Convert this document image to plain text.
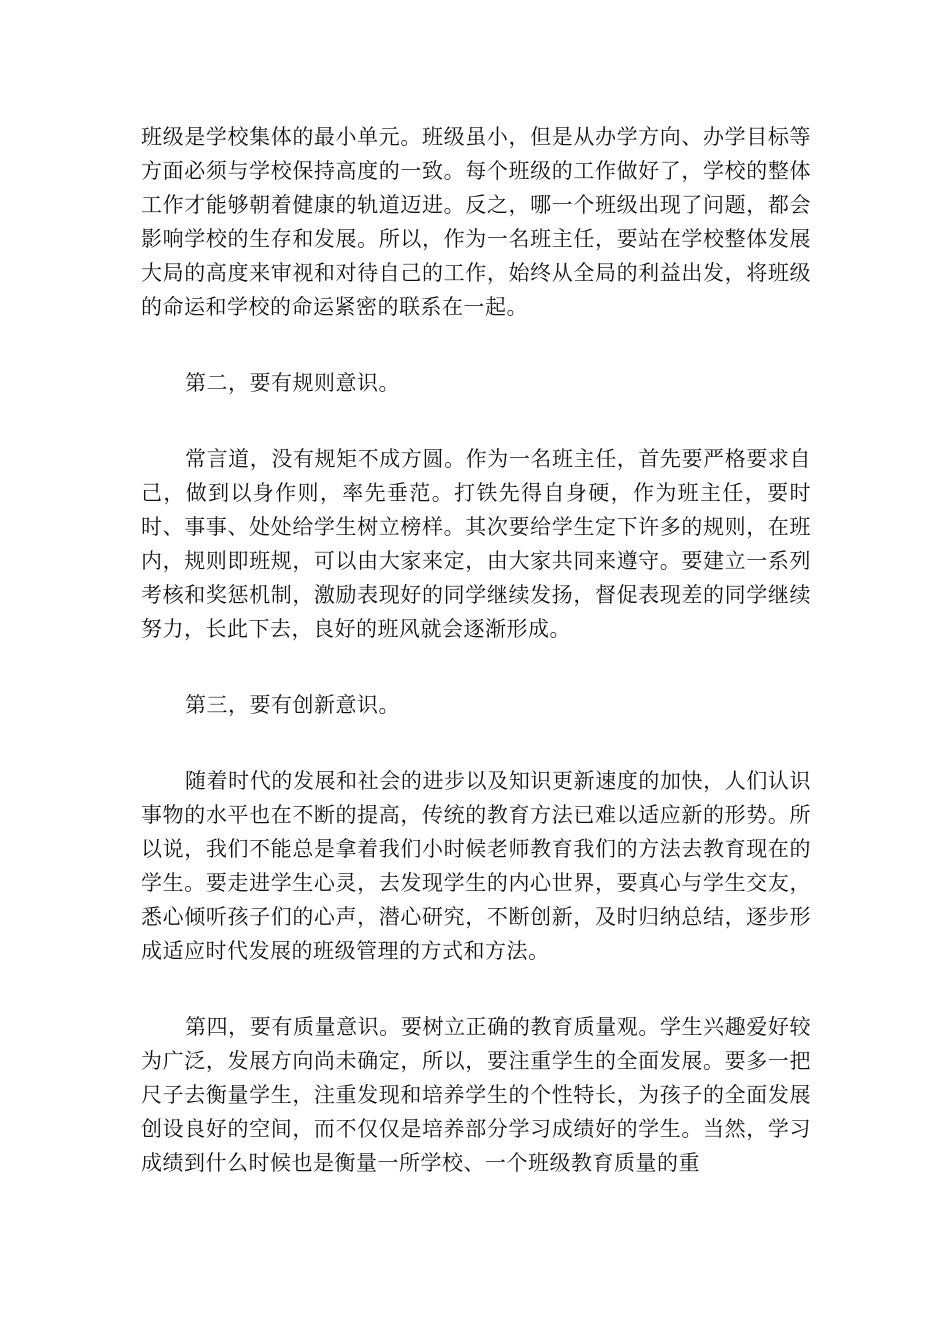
班级是学校集体的最小单元。班级虽小，但是从办学方向、办学目标等方面必须与学校保持高度的一致。每个班级的工作做好了，学校的整体工作才能够朝着健康的轨道迈进。反之，哪一个班级出现了问题，都会影响学校的生存和发展。所以，作为一名班主任，要站在学校整体发展大局的高度来审视和对待自己的工作，始终从全局的利益出发，将班级的命运和学校的命运紧密的联系在一起。

第二，要有规则意识。

常言道，没有规矩不成方圆。作为一名班主任，首先要严格要求自己，做到以身作则，率先垂范。打铁先得自身硬，作为班主任，要时时、事事、处处给学生树立榜样。其次要给学生定下许多的规则，在班内，规则即班规，可以由大家来定，由大家共同来遵守。要建立一系列考核和奖惩机制，激励表现好的同学继续发扬，督促表现差的同学继续努力，长此下去，良好的班风就会逐渐形成。

第三，要有创新意识。

随着时代的发展和社会的进步以及知识更新速度的加快，人们认识事物的水平也在不断的提高，传统的教育方法已难以适应新的形势。所以说，我们不能总是拿着我们小时候老师教育我们的方法去教育现在的学生。要走进学生心灵，去发现学生的内心世界，要真心与学生交友，悉心倾听孩子们的心声，潜心研究，不断创新，及时归纳总结，逐步形成适应时代发展的班级管理的方式和方法。

第四，要有质量意识。要树立正确的教育质量观。学生兴趣爱好较为广泛，发展方向尚未确定，所以，要注重学生的全面发展。要多一把尺子去衡量学生，注重发现和培养学生的个性特长，为孩子的全面发展创设良好的空间，而不仅仅是培养部分学习成绩好的学生。当然，学习成绩到什么时候也是衡量一所学校、一个班级教育质量的重
